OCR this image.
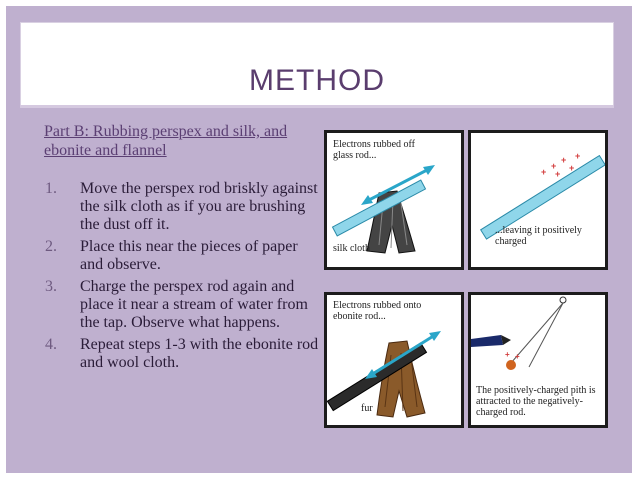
METHOD
Part B: Rubbing perspex and silk, and ebonite and flannel
1. Move the perspex rod briskly against the silk cloth as if you are brushing the dust off it.
2. Place this near the pieces of paper and observe.
3. Charge the perspex rod again and place it near a stream of water from the tap. Observe what happens.
4. Repeat steps 1-3 with the ebonite rod and wool cloth.
Electrons rubbed off glass rod...
silk cloth
+
+
+
+
+
+
...leaving it positively charged
Electrons rubbed onto ebonite rod...
fur
+ +
The positively-charged pith is attracted to the negatively-charged rod.
